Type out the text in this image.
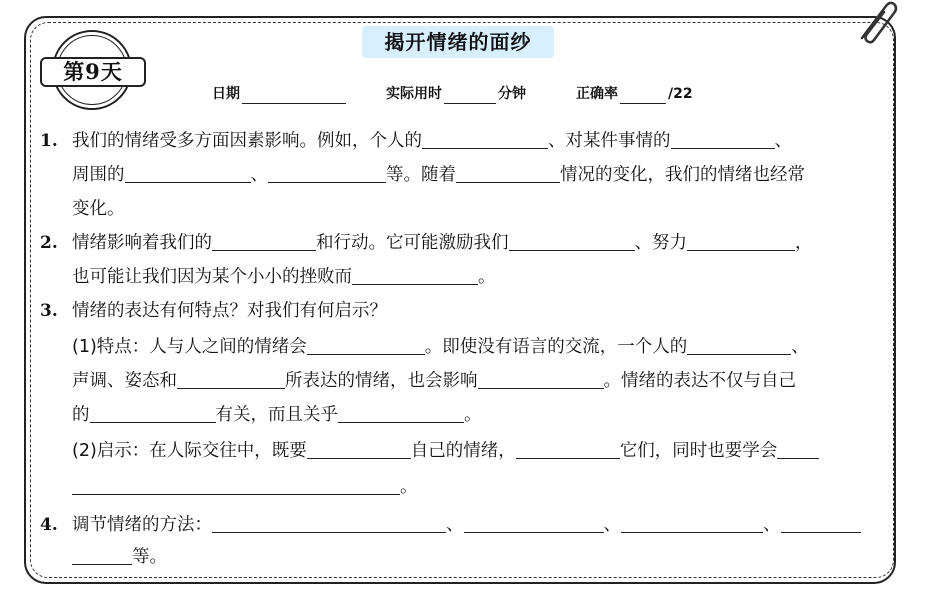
第9天
揭开情绪的面纱
日期	实际用时	分钟	正确率	/22
1. 我们的情绪受多方面因素影响。例如，个人的	、对某件事情的	、
周围的	、	等。随着	情况的变化，我们的情绪也经常
变化。
2. 情绪影响着我们的	和行动。它可能激励我们	、努力	，
也可能让我们因为某个小小的挫败而	。
3. 情绪的表达有何特点？对我们有何启示？
(1)特点：人与人之间的情绪会	。即使没有语言的交流，一个人的	、
声调、姿态和	所表达的情绪，也会影响	。情绪的表达不仅与自己
的	有关，而且关乎	。
(2)启示：在人际交往中，既要	自己的情绪，	它们，同时也要学会
。
4. 调节情绪的方法：	、	、	、
等。
